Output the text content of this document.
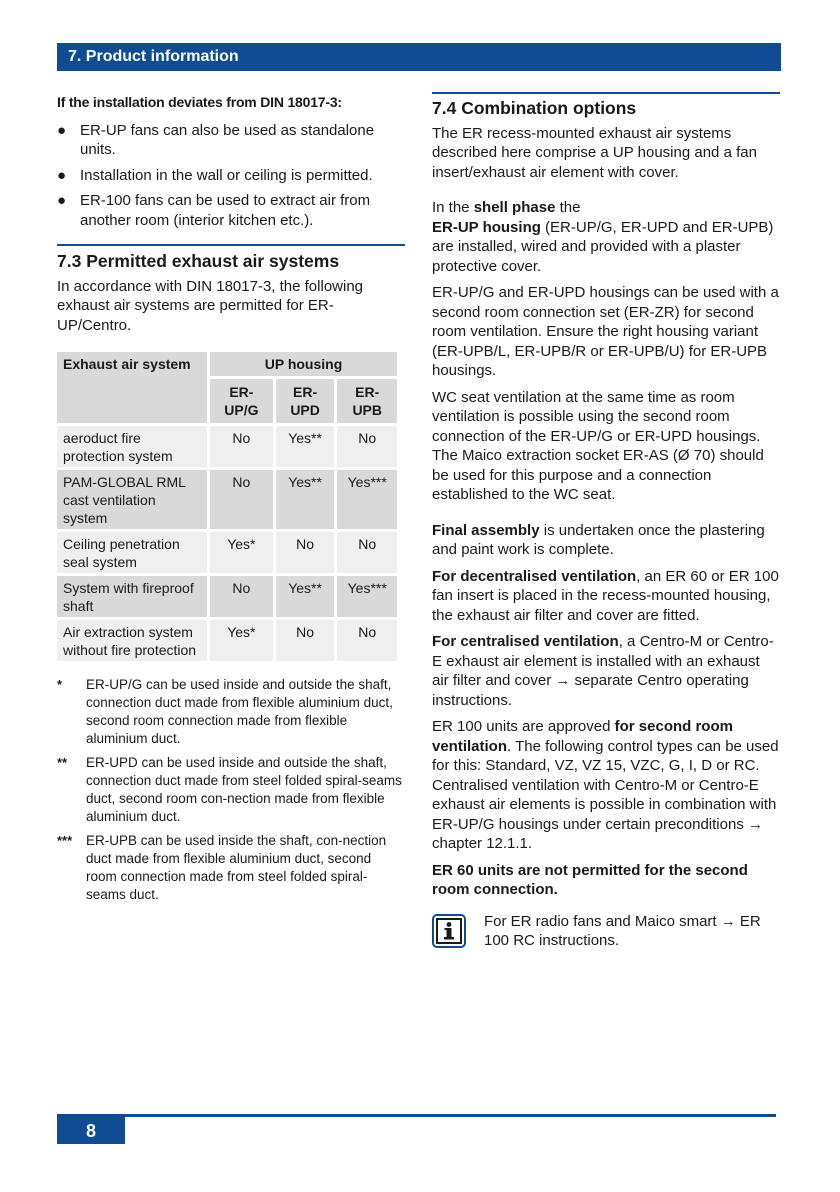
7. Product information
If the installation deviates from DIN 18017-3:
● ER-UP fans can also be used as standalone units.
● Installation in the wall or ceiling is permitted.
● ER-100 fans can be used to extract air from another room (interior kitchen etc.).
7.3 Permitted exhaust air systems

In accordance with DIN 18017-3, the following exhaust air systems are permitted for ER-UP/Centro.

Exhaust air system	UP housing		
	ER-UP/G	ER-UPD	ER-UPB
aeroduct fire protection system	No	Yes**	No
PAM-GLOBAL RML cast ventilation system	No	Yes**	Yes***
Ceiling penetration seal system	Yes*	No	No
System with fireproof shaft	No	Yes**	Yes***
Air extraction system without fire protection	Yes*	No	No
* ER-UP/G can be used inside and outside the shaft, connection duct made from flexible aluminium duct, second room connection made from flexible aluminium duct.
** ER-UPD can be used inside and outside the shaft, connection duct made from steel folded spiral-seams duct, second room con-nection made from flexible aluminium duct.
*** ER-UPB can be used inside the shaft, con-nection duct made from flexible aluminium duct, second room connection made from steel folded spiral-seams duct.
7.4 Combination options

The ER recess-mounted exhaust air systems described here comprise a UP housing and a fan insert/exhaust air element with cover.

In the shell phase the
ER-UP housing (ER-UP/G, ER-UPD and ER-UPB) are installed, wired and provided with a plaster protective cover.

ER-UP/G and ER-UPD housings can be used with a second room connection set (ER-ZR) for second room ventilation. Ensure the right housing variant (ER-UPB/L, ER-UPB/R or ER-UPB/U) for ER-UPB housings.

WC seat ventilation at the same time as room ventilation is possible using the second room connection of the ER-UP/G or ER-UPD housings. The Maico extraction socket ER-AS (Ø 70) should be used for this purpose and a connection established to the WC seat.

Final assembly is undertaken once the plastering and paint work is complete.

For decentralised ventilation, an ER 60 or ER 100 fan insert is placed in the recess-mounted housing, the exhaust air filter and cover are fitted.

For centralised ventilation, a Centro-M or Centro-E exhaust air element is installed with an exhaust air filter and cover → separate Centro operating instructions.

ER 100 units are approved for second room ventilation. The following control types can be used for this: Standard, VZ, VZ 15, VZC, G, I, D or RC. Centralised ventilation with Centro-M or Centro-E exhaust air elements is possible in combination with ER-UP/G housings under certain preconditions → chapter 12.1.1.

ER 60 units are not permitted for the second room connection.

For ER radio fans and Maico smart → ER 100 RC instructions.
8
